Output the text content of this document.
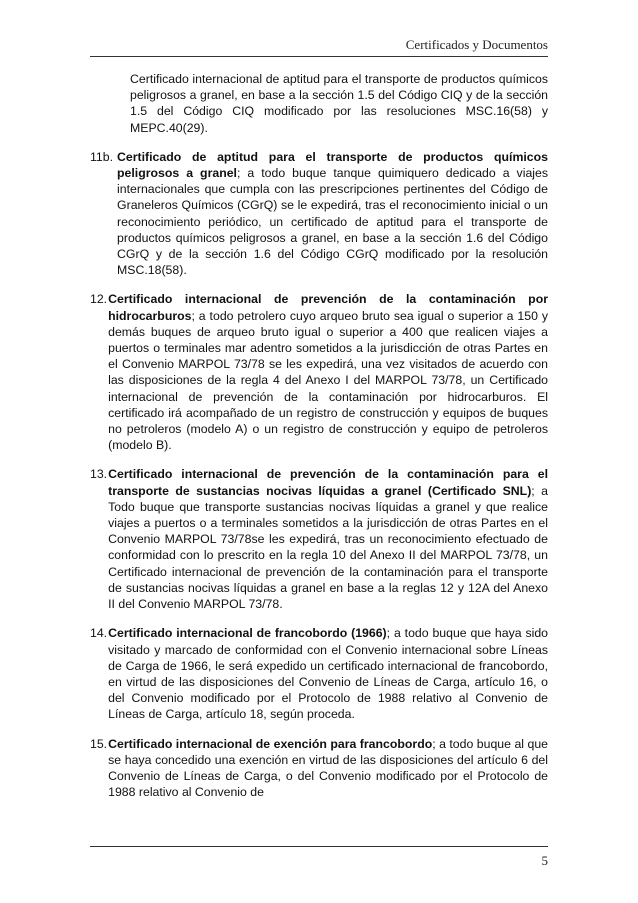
Certificados y Documentos
Certificado internacional de aptitud para el transporte de productos químicos peligrosos a granel, en base a la sección 1.5 del Código CIQ y de la sección 1.5 del Código CIQ modificado por las resoluciones MSC.16(58) y MEPC.40(29).
11b. Certificado de aptitud para el transporte de productos químicos peligrosos a granel; a todo buque tanque quimiquero dedicado a viajes internacionales que cumpla con las prescripciones pertinentes del Código de Graneleros Químicos (CGrQ) se le expedirá, tras el reconocimiento inicial o un reconocimiento periódico, un certificado de aptitud para el transporte de productos químicos peligrosos a granel, en base a la sección 1.6 del Código CGrQ y de la sección 1.6 del Código CGrQ modificado por la resolución MSC.18(58).
12. Certificado internacional de prevención de la contaminación por hidrocarburos; a todo petrolero cuyo arqueo bruto sea igual o superior a 150 y demás buques de arqueo bruto igual o superior a 400 que realicen viajes a puertos o terminales mar adentro sometidos a la jurisdicción de otras Partes en el Convenio MARPOL 73/78 se les expedirá, una vez visitados de acuerdo con las disposiciones de la regla 4 del Anexo I del MARPOL 73/78, un Certificado internacional de prevención de la contaminación por hidrocarburos. El certificado irá acompañado de un registro de construcción y equipos de buques no petroleros (modelo A) o un registro de construcción y equipo de petroleros (modelo B).
13. Certificado internacional de prevención de la contaminación para el transporte de sustancias nocivas líquidas a granel (Certificado SNL); a Todo buque que transporte sustancias nocivas líquidas a granel y que realice viajes a puertos o a terminales sometidos a la jurisdicción de otras Partes en el Convenio MARPOL 73/78se les expedirá, tras un reconocimiento efectuado de conformidad con lo prescrito en la regla 10 del Anexo II del MARPOL 73/78, un Certificado internacional de prevención de la contaminación para el transporte de sustancias nocivas líquidas a granel en base a la reglas 12 y 12A del Anexo II del Convenio MARPOL 73/78.
14. Certificado internacional de francobordo (1966); a todo buque que haya sido visitado y marcado de conformidad con el Convenio internacional sobre Líneas de Carga de 1966, le será expedido un certificado internacional de francobordo, en virtud de las disposiciones del Convenio de Líneas de Carga, artículo 16, o del Convenio modificado por el Protocolo de 1988 relativo al Convenio de Líneas de Carga, artículo 18, según proceda.
15. Certificado internacional de exención para francobordo; a todo buque al que se haya concedido una exención en virtud de las disposiciones del artículo 6 del Convenio de Líneas de Carga, o del Convenio modificado por el Protocolo de 1988 relativo al Convenio de
5
